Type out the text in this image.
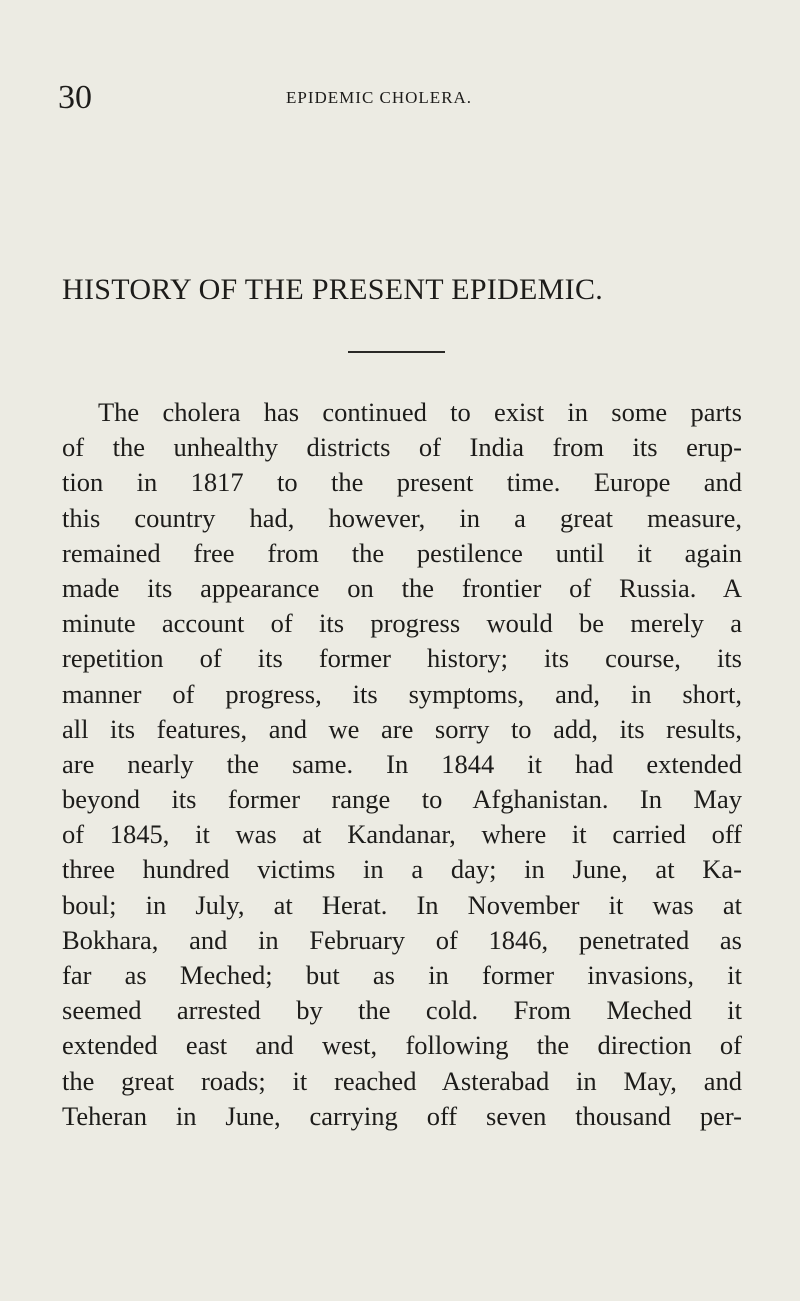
30	EPIDEMIC CHOLERA.
HISTORY OF THE PRESENT EPIDEMIC.
The cholera has continued to exist in some parts
of the unhealthy districts of India from its erup-
tion in 1817 to the present time. Europe and
this country had, however, in a great measure,
remained free from the pestilence until it again
made its appearance on the frontier of Russia. A
minute account of its progress would be merely a
repetition of its former history; its course, its
manner of progress, its symptoms, and, in short,
all its features, and we are sorry to add, its results,
are nearly the same. In 1844 it had extended
beyond its former range to Afghanistan. In May
of 1845, it was at Kandanar, where it carried off
three hundred victims in a day; in June, at Ka-
boul; in July, at Herat. In November it was at
Bokhara, and in February of 1846, penetrated as
far as Meched; but as in former invasions, it
seemed arrested by the cold. From Meched it
extended east and west, following the direction of
the great roads; it reached Asterabad in May, and
Teheran in June, carrying off seven thousand per-
